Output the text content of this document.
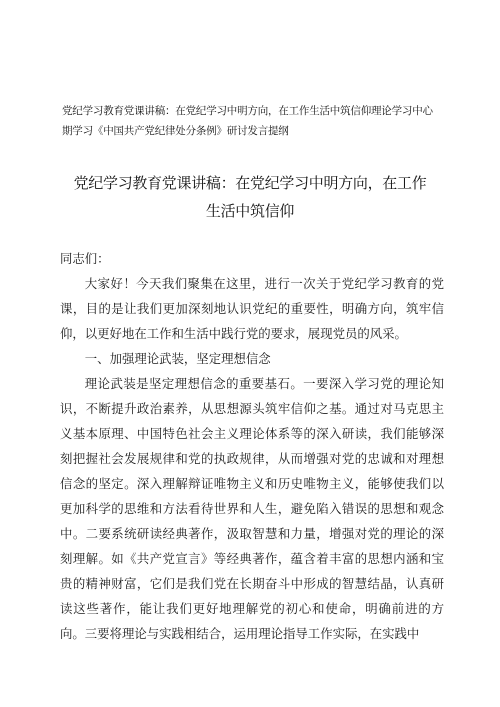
党纪学习教育党课讲稿：在党纪学习中明方向，在工作生活中筑信仰理论学习中心期学习《中国共产党纪律处分条例》研讨发言提纲
党纪学习教育党课讲稿：在党纪学习中明方向，在工作
生活中筑信仰

同志们：

大家好！今天我们聚集在这里，进行一次关于党纪学习教育的党课，目的是让我们更加深刻地认识党纪的重要性，明确方向，筑牢信仰，以更好地在工作和生活中践行党的要求，展现党员的风采。

一、加强理论武装，坚定理想信念

理论武装是坚定理想信念的重要基石。一要深入学习党的理论知识，不断提升政治素养，从思想源头筑牢信仰之基。通过对马克思主义基本原理、中国特色社会主义理论体系等的深入研读，我们能够深刻把握社会发展规律和党的执政规律，从而增强对党的忠诚和对理想信念的坚定。深入理解辩证唯物主义和历史唯物主义，能够使我们以更加科学的思维和方法看待世界和人生，避免陷入错误的思想和观念中。二要系统研读经典著作，汲取智慧和力量，增强对党的理论的深刻理解。如《共产党宣言》等经典著作，蕴含着丰富的思想内涵和宝贵的精神财富，它们是我们党在长期奋斗中形成的智慧结晶，认真研读这些著作，能让我们更好地理解党的初心和使命，明确前进的方向。三要将理论与实践相结合，运用理论指导工作实际，在实践中
